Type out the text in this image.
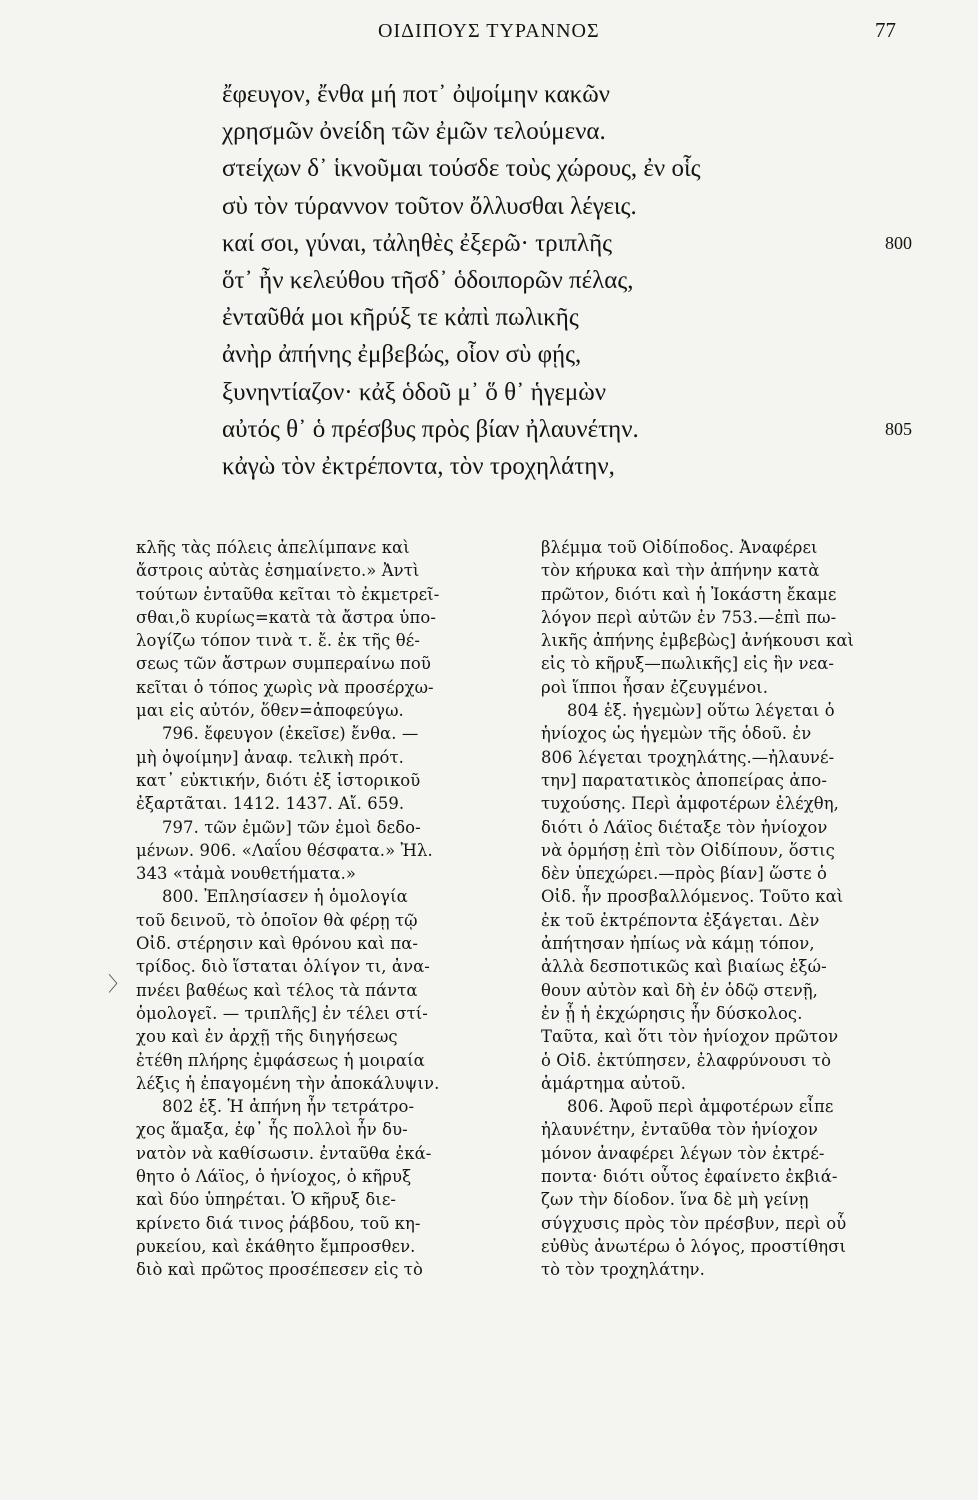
ΟΙΔΙΠΟΥΣ ΤΥΡΑΝΝΟΣ	77
ἔφευγον, ἔνθα μή ποτ᾽ ὀψοίμην κακῶν
χρησμῶν ὀνείδη τῶν ἐμῶν τελούμενα.
στείχων δ᾽ ἱκνοῦμαι τούσδε τοὺς χώρους, ἐν οἷς
σὺ τὸν τύραννον τοῦτον ὄλλυσθαι λέγεις.
καί σοι, γύναι, τἀληθὲς ἐξερῶ· τριπλῆς	800
ὅτ᾽ ἦν κελεύθου τῆσδ᾽ ὁδοιπορῶν πέλας,
ἐνταῦθά μοι κῆρύξ τε κἀπὶ πωλικῆς
ἀνὴρ ἀπήνης ἐμβεβώς, οἷον σὺ φῄς,
ξυνηντίαζον· κἀξ ὁδοῦ μ᾽ ὅ θ᾽ ἡγεμὼν
αὐτός θ᾽ ὁ πρέσβυς πρὸς βίαν ἠλαυνέτην.	805
κἀγὼ τὸν ἐκτρέποντα, τὸν τροχηλάτην,
κλῆς τὰς πόλεις ἀπελίμπανε καὶ
ἄστροις αὐτὰς ἐσημαίνετο.» Ἀντὶ
τούτων ἐνταῦθα κεῖται τὸ ἐκμετρεῖ-
σθαι,ὃ κυρίως=κατὰ τὰ ἄστρα ὑπο-
λογίζω τόπον τινὰ τ. ἔ. ἐκ τῆς θέ-
σεως τῶν ἄστρων συμπεραίνω ποῦ
κεῖται ὁ τόπος χωρὶς νὰ προσέρχω-
μαι εἰς αὐτόν, ὅθεν=ἀποφεύγω.
796. ἔφευγον (ἐκεῖσε) ἔνθα. —
μὴ ὀψοίμην] ἀναφ. τελικὴ πρότ.
κατ᾽ εὐκτικήν, διότι ἐξ ἱστορικοῦ
ἐξαρτᾶται. 1412. 1437. Αἴ. 659.
797. τῶν ἐμῶν] τῶν ἐμοὶ δεδο-
μένων. 906. «Λαΐου θέσφατα.» Ἠλ.
343 «τἀμὰ νουθετήματα.»
800. Ἐπλησίασεν ἡ ὁμολογία
τοῦ δεινοῦ, τὸ ὁποῖον θὰ φέρῃ τῷ
Οἰδ. στέρησιν καὶ θρόνου καὶ πα-
τρίδος. διὸ ἵσταται ὀλίγον τι, ἀνα-
πνέει βαθέως καὶ τέλος τὰ πάντα
ὁμολογεῖ. — τριπλῆς] ἐν τέλει στί-
χου καὶ ἐν ἀρχῇ τῆς διηγήσεως
ἐτέθη πλήρης ἐμφάσεως ἡ μοιραία
λέξις ἡ ἐπαγομένη τὴν ἀποκάλυψιν.
802 ἑξ. Ἡ ἀπήνη ἦν τετράτρο-
χος ἅμαξα, ἐφ᾽ ἧς πολλοὶ ἦν δυ-
νατὸν νὰ καθίσωσιν. ἐνταῦθα ἐκά-
θητο ὁ Λάϊος, ὁ ἡνίοχος, ὁ κῆρυξ
καὶ δύο ὑπηρέται. Ὁ κῆρυξ διε-
κρίνετο διά τινος ῥάβδου, τοῦ κη-
ρυκείου, καὶ ἐκάθητο ἔμπροσθεν.
διὸ καὶ πρῶτος προσέπεσεν εἰς τὸ
βλέμμα τοῦ Οἰδίποδος. Ἀναφέρει
τὸν κήρυκα καὶ τὴν ἀπήνην κατὰ
πρῶτον, διότι καὶ ἡ Ἰοκάστη ἔκαμε
λόγον περὶ αὐτῶν ἐν 753.—ἐπὶ πω-
λικῆς ἀπήνης ἐμβεβὼς] ἀνήκουσι καὶ
εἰς τὸ κῆρυξ—πωλικῆς] εἰς ἣν νεα-
ροὶ ἵπποι ἦσαν ἐζευγμένοι.
804 ἑξ. ἡγεμὼν] οὕτω λέγεται ὁ
ἡνίοχος ὡς ἡγεμὼν τῆς ὁδοῦ. ἐν
806 λέγεται τροχηλάτης.—ἠλαυνέ-
την] παρατατικὸς ἀποπείρας ἀπο-
τυχούσης. Περὶ ἀμφοτέρων ἐλέχθη,
διότι ὁ Λάϊος διέταξε τὸν ἡνίοχον
νὰ ὁρμήσῃ ἐπὶ τὸν Οἰδίπουν, ὅστις
δὲν ὑπεχώρει.—πρὸς βίαν] ὥστε ὁ
Οἰδ. ἦν προσβαλλόμενος. Τοῦτο καὶ
ἐκ τοῦ ἐκτρέποντα ἐξάγεται. Δὲν
ἀπήτησαν ἠπίως νὰ κάμῃ τόπον,
ἀλλὰ δεσποτικῶς καὶ βιαίως ἐξώ-
θουν αὐτὸν καὶ δὴ ἐν ὁδῷ στενῇ,
ἐν ᾗ ἡ ἐκχώρησις ἦν δύσκολος.
Ταῦτα, καὶ ὅτι τὸν ἡνίοχον πρῶτον
ὁ Οἰδ. ἐκτύπησεν, ἐλαφρύνουσι τὸ
ἁμάρτημα αὐτοῦ.
806. Ἀφοῦ περὶ ἀμφοτέρων εἶπε
ἠλαυνέτην, ἐνταῦθα τὸν ἡνίοχον
μόνον ἀναφέρει λέγων τὸν ἐκτρέ-
ποντα· διότι οὗτος ἐφαίνετο ἐκβιά-
ζων τὴν δίοδον. ἵνα δὲ μὴ γείνῃ
σύγχυσις πρὸς τὸν πρέσβυν, περὶ οὗ
εὐθὺς ἀνωτέρω ὁ λόγος, προστίθησι
τὸ τὸν τροχηλάτην.
〉
